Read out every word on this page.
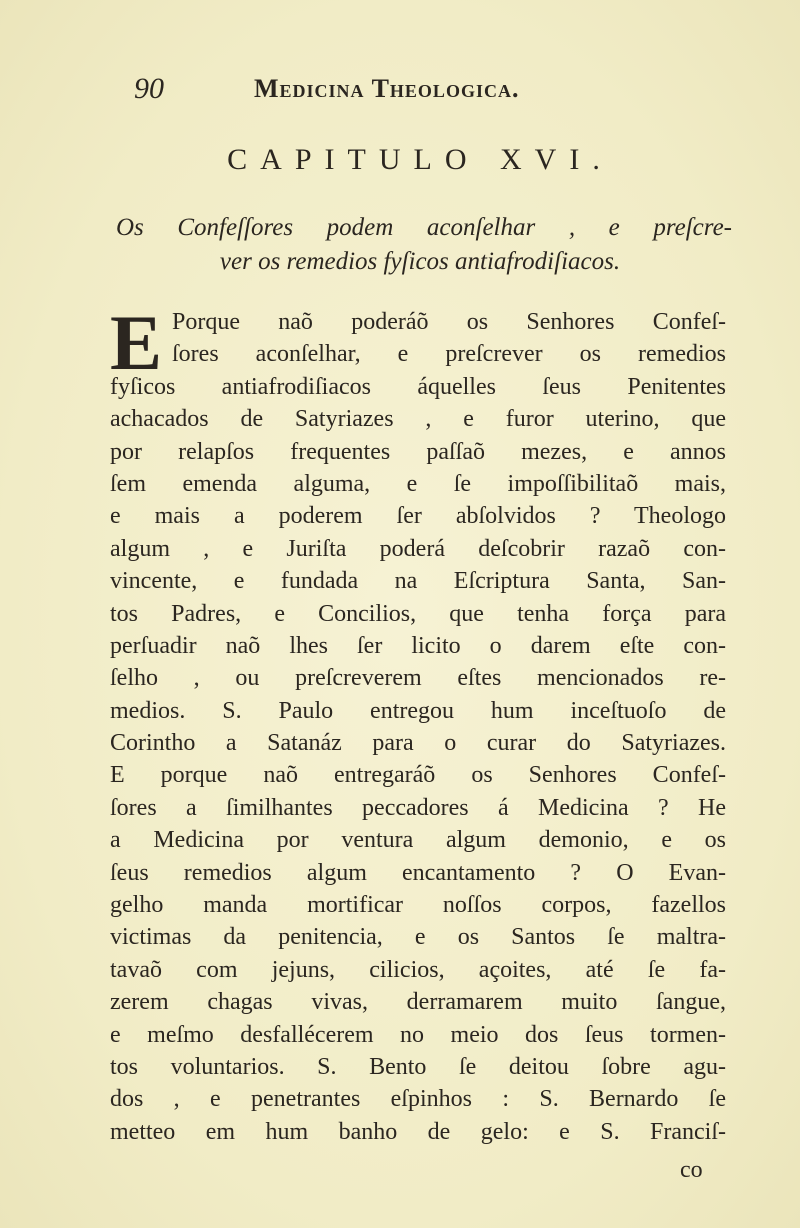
90	Medicina Theologica.
CAPITULO XVI.
Os Confeſſores podem aconſelhar , e preſcre-
ver os remedios fyſicos antiafrodiſiacos.
E Porque naõ poderáõ os Senhores Confeſ-
ſores aconſelhar, e preſcrever os remedios
fyſicos antiafrodiſiacos áquelles ſeus Penitentes
achacados de Satyriazes , e furor uterino, que
por relapſos frequentes paſſaõ mezes, e annos
ſem emenda alguma, e ſe impoſſibilitaõ mais,
e mais a poderem ſer abſolvidos ? Theologo
algum , e Juriſta poderá deſcobrir razaõ con-
vincente, e fundada na Eſcriptura Santa, San-
tos Padres, e Concilios, que tenha força para
perſuadir naõ lhes ſer licito o darem eſte con-
ſelho , ou preſcreverem eſtes mencionados re-
medios. S. Paulo entregou hum inceſtuoſo de
Corintho a Satanáz para o curar do Satyriazes.
E porque naõ entregaráõ os Senhores Confeſ-
ſores a ſimilhantes peccadores á Medicina ? He
a Medicina por ventura algum demonio, e os
ſeus remedios algum encantamento ? O Evan-
gelho manda mortificar noſſos corpos, fazellos
victimas da penitencia, e os Santos ſe maltra-
tavaõ com jejuns, cilicios, açoites, até ſe fa-
zerem chagas vivas, derramarem muito ſangue,
e meſmo desfallécerem no meio dos ſeus tormen-
tos voluntarios. S. Bento ſe deitou ſobre agu-
dos , e penetrantes eſpinhos : S. Bernardo ſe
metteo em hum banho de gelo: e S. Franciſ-
co
